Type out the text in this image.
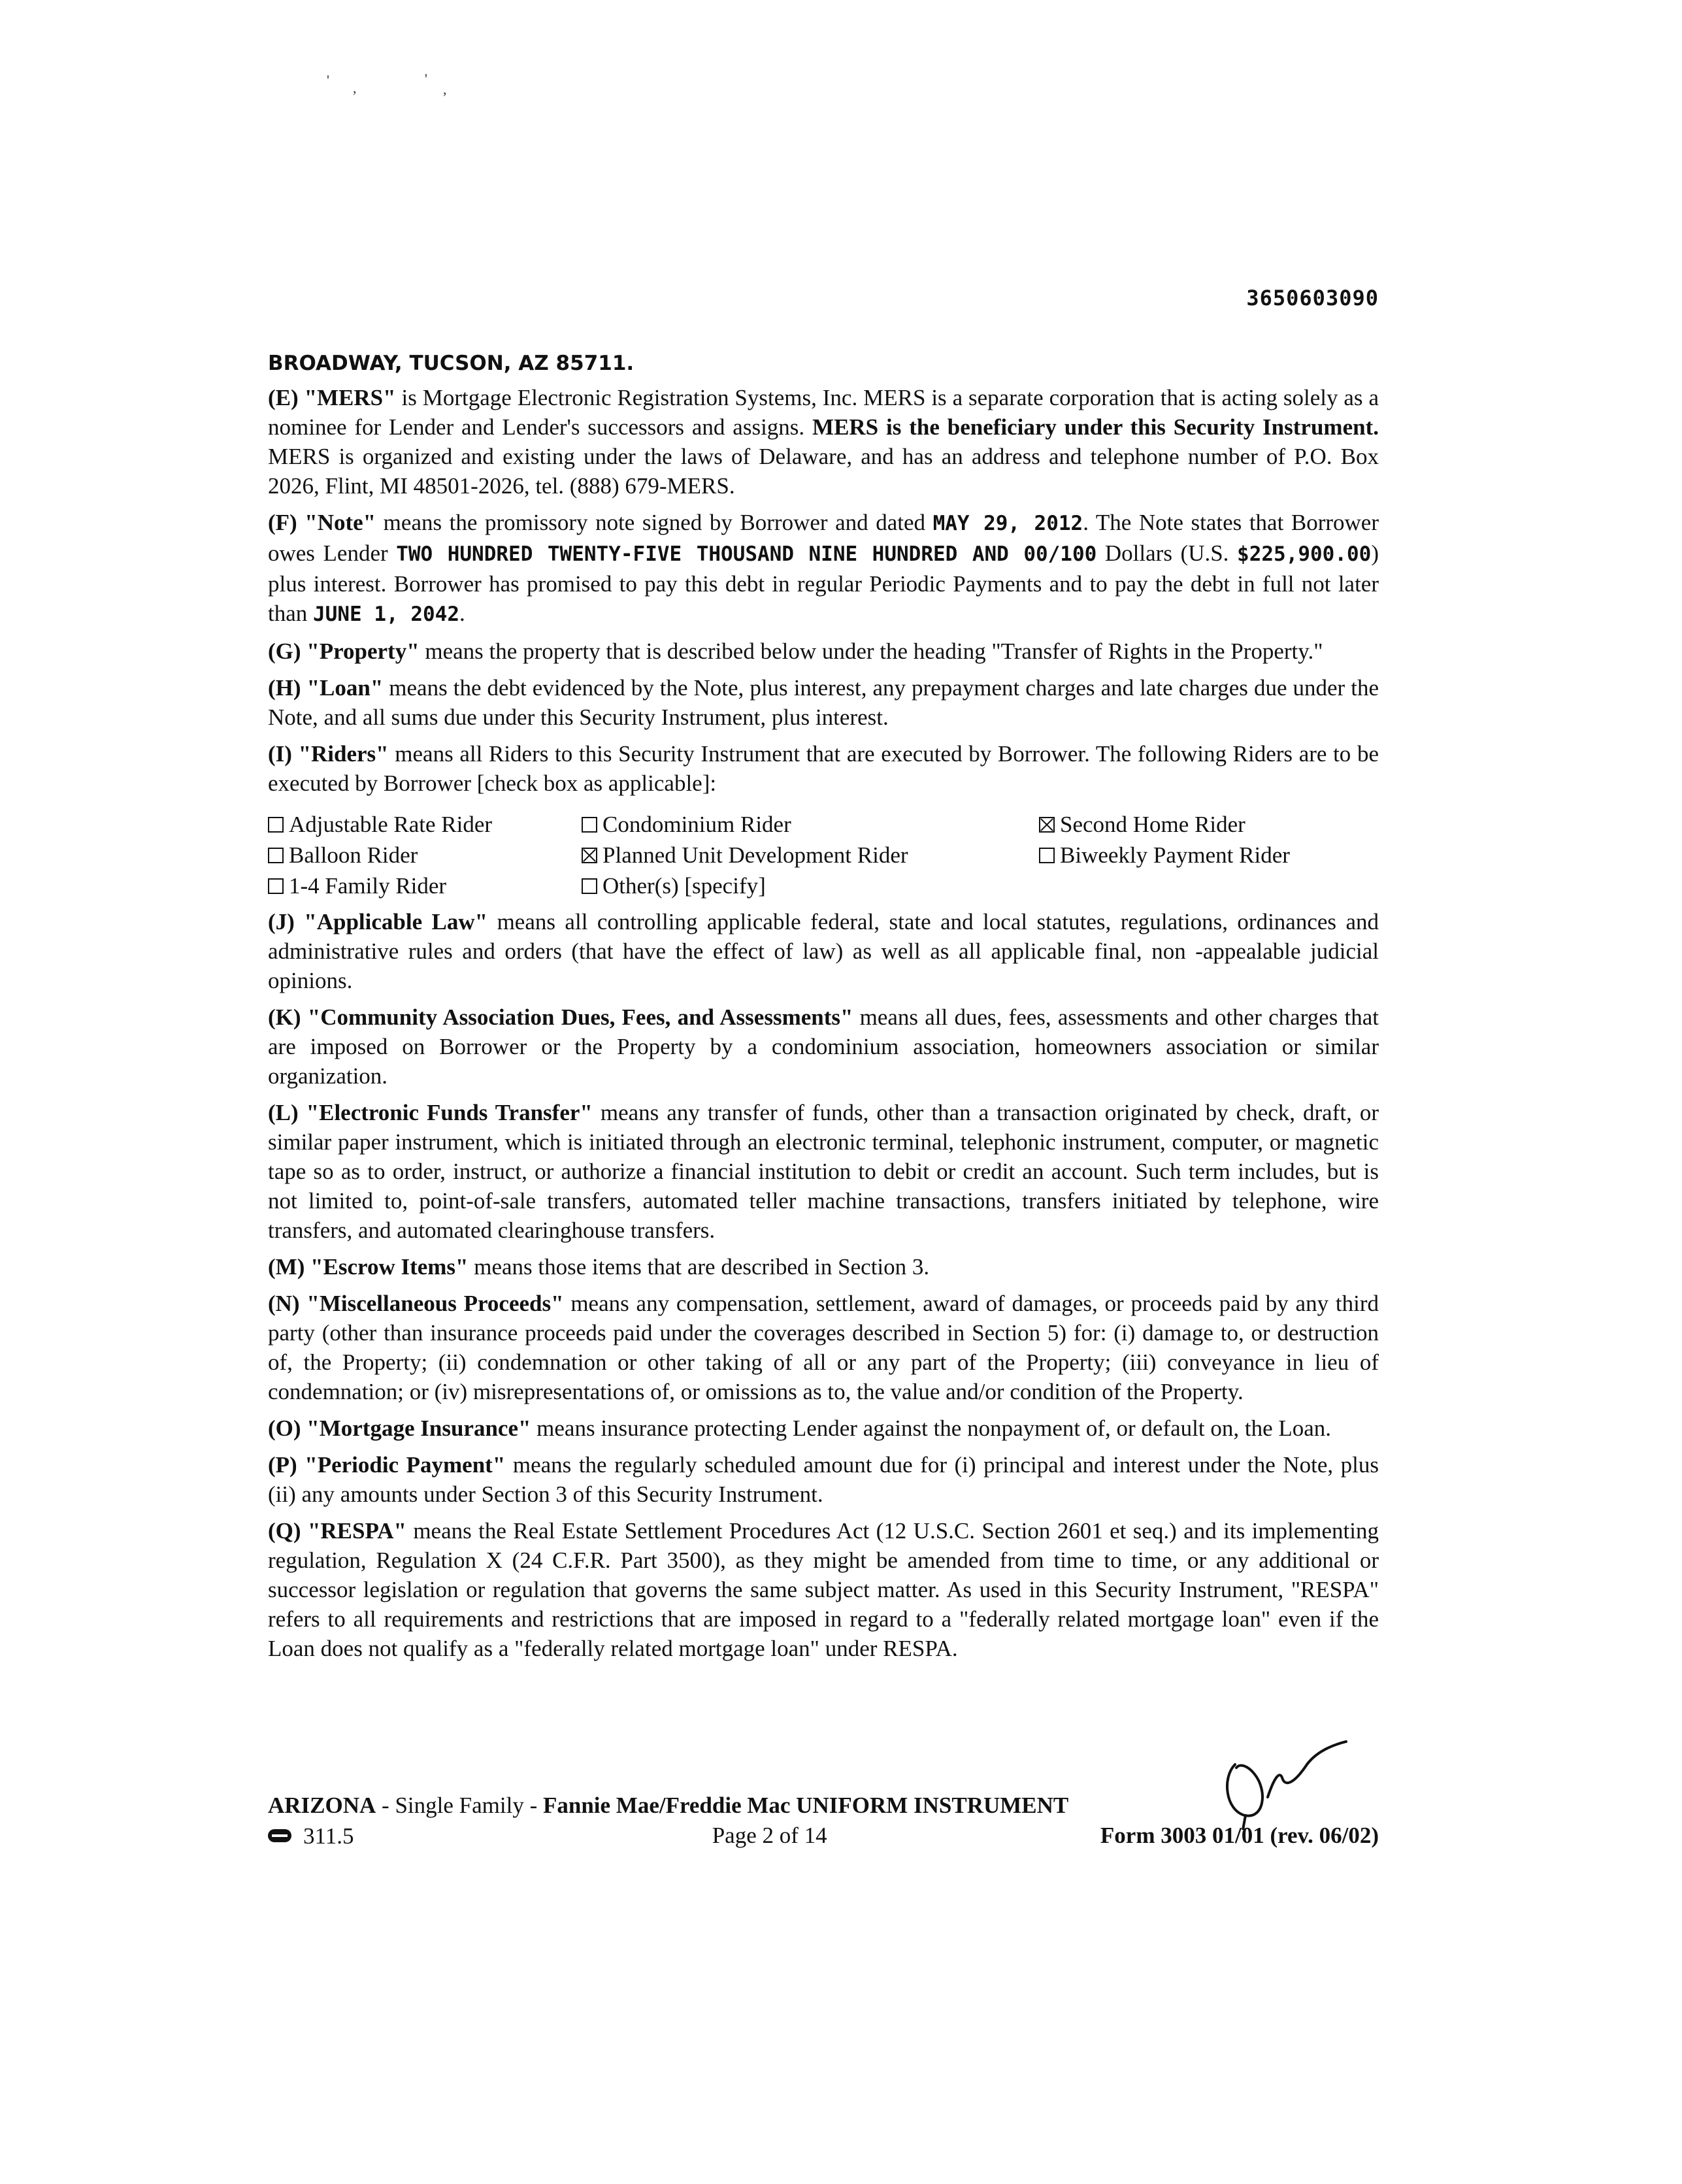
' ,
'
,
3650603090
BROADWAY, TUCSON, AZ 85711.

(E) "MERS" is Mortgage Electronic Registration Systems, Inc. MERS is a separate corporation that is acting solely as a nominee for Lender and Lender's successors and assigns. MERS is the beneficiary under this Security Instrument. MERS is organized and existing under the laws of Delaware, and has an address and telephone number of P.O. Box 2026, Flint, MI 48501-2026, tel. (888) 679-MERS.

(F) "Note" means the promissory note signed by Borrower and dated MAY 29, 2012. The Note states that Borrower owes Lender TWO HUNDRED TWENTY-FIVE THOUSAND NINE HUNDRED AND 00/100 Dollars (U.S. $225,900.00) plus interest. Borrower has promised to pay this debt in regular Periodic Payments and to pay the debt in full not later than JUNE 1, 2042.

(G) "Property" means the property that is described below under the heading "Transfer of Rights in the Property."

(H) "Loan" means the debt evidenced by the Note, plus interest, any prepayment charges and late charges due under the Note, and all sums due under this Security Instrument, plus interest.

(I) "Riders" means all Riders to this Security Instrument that are executed by Borrower. The following Riders are to be executed by Borrower [check box as applicable]:

Adjustable Rate Rider	Condominium Rider	Second Home Rider
Balloon Rider	Planned Unit Development Rider	Biweekly Payment Rider
1-4 Family Rider	Other(s) [specify]

(J) "Applicable Law" means all controlling applicable federal, state and local statutes, regulations, ordinances and administrative rules and orders (that have the effect of law) as well as all applicable final, non -appealable judicial opinions.

(K) "Community Association Dues, Fees, and Assessments" means all dues, fees, assessments and other charges that are imposed on Borrower or the Property by a condominium association, homeowners association or similar organization.

(L) "Electronic Funds Transfer" means any transfer of funds, other than a transaction originated by check, draft, or similar paper instrument, which is initiated through an electronic terminal, telephonic instrument, computer, or magnetic tape so as to order, instruct, or authorize a financial institution to debit or credit an account. Such term includes, but is not limited to, point-of-sale transfers, automated teller machine transactions, transfers initiated by telephone, wire transfers, and automated clearinghouse transfers.

(M) "Escrow Items" means those items that are described in Section 3.

(N) "Miscellaneous Proceeds" means any compensation, settlement, award of damages, or proceeds paid by any third party (other than insurance proceeds paid under the coverages described in Section 5) for: (i) damage to, or destruction of, the Property; (ii) condemnation or other taking of all or any part of the Property; (iii) conveyance in lieu of condemnation; or (iv) misrepresentations of, or omissions as to, the value and/or condition of the Property.

(O) "Mortgage Insurance" means insurance protecting Lender against the nonpayment of, or default on, the Loan.

(P) "Periodic Payment" means the regularly scheduled amount due for (i) principal and interest under the Note, plus (ii) any amounts under Section 3 of this Security Instrument.

(Q) "RESPA" means the Real Estate Settlement Procedures Act (12 U.S.C. Section 2601 et seq.) and its implementing regulation, Regulation X (24 C.F.R. Part 3500), as they might be amended from time to time, or any additional or successor legislation or regulation that governs the same subject matter. As used in this Security Instrument, "RESPA" refers to all requirements and restrictions that are imposed in regard to a "federally related mortgage loan" even if the Loan does not qualify as a "federally related mortgage loan" under RESPA.

ARIZONA - Single Family - Fannie Mae/Freddie Mac UNIFORM INSTRUMENT
311.5	Page 2 of 14	Form 3003 01/01 (rev. 06/02)
